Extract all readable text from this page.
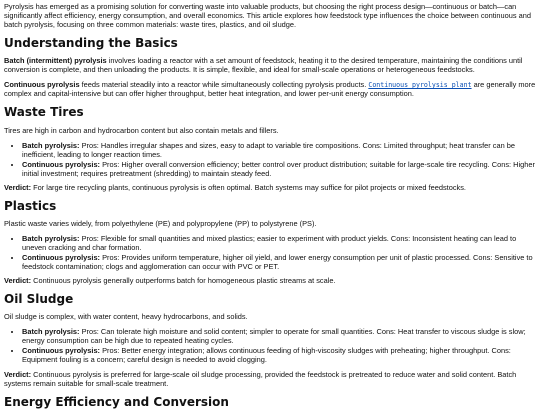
Pyrolysis has emerged as a promising solution for converting waste into valuable products, but choosing the right process design—continuous or batch—can significantly affect efficiency, energy consumption, and overall economics. This article explores how feedstock type influences the choice between continuous and batch pyrolysis, focusing on three common materials: waste tires, plastics, and oil sludge.

Understanding the Basics

Batch (intermittent) pyrolysis involves loading a reactor with a set amount of feedstock, heating it to the desired temperature, maintaining the conditions until conversion is complete, and then unloading the products. It is simple, flexible, and ideal for small-scale operations or heterogeneous feedstocks.

Continuous pyrolysis feeds material steadily into a reactor while simultaneously collecting pyrolysis products. Continuous pyrolysis plant are generally more complex and capital-intensive but can offer higher throughput, better heat integration, and lower per-unit energy consumption.

Waste Tires

Tires are high in carbon and hydrocarbon content but also contain metals and fillers.

• Batch pyrolysis: Pros: Handles irregular shapes and sizes, easy to adapt to variable tire compositions. Cons: Limited throughput; heat transfer can be inefficient, leading to longer reaction times.
• Continuous pyrolysis: Pros: Higher overall conversion efficiency; better control over product distribution; suitable for large-scale tire recycling. Cons: Higher initial investment; requires pretreatment (shredding) to maintain steady feed.

Verdict: For large tire recycling plants, continuous pyrolysis is often optimal. Batch systems may suffice for pilot projects or mixed feedstocks.

Plastics

Plastic waste varies widely, from polyethylene (PE) and polypropylene (PP) to polystyrene (PS).

• Batch pyrolysis: Pros: Flexible for small quantities and mixed plastics; easier to experiment with product yields. Cons: Inconsistent heating can lead to uneven cracking and char formation.
• Continuous pyrolysis: Pros: Provides uniform temperature, higher oil yield, and lower energy consumption per unit of plastic processed. Cons: Sensitive to feedstock contamination; clogs and agglomeration can occur with PVC or PET.

Verdict: Continuous pyrolysis generally outperforms batch for homogeneous plastic streams at scale.

Oil Sludge

Oil sludge is complex, with water content, heavy hydrocarbons, and solids.

• Batch pyrolysis: Pros: Can tolerate high moisture and solid content; simpler to operate for small quantities. Cons: Heat transfer to viscous sludge is slow; energy consumption can be high due to repeated heating cycles.
• Continuous pyrolysis: Pros: Better energy integration; allows continuous feeding of high-viscosity sludges with preheating; higher throughput. Cons: Equipment fouling is a concern; careful design is needed to avoid clogging.

Verdict: Continuous pyrolysis is preferred for large-scale oil sludge processing, provided the feedstock is pretreated to reduce water and solid content. Batch systems remain suitable for small-scale treatment.

Energy Efficiency and Conversion
